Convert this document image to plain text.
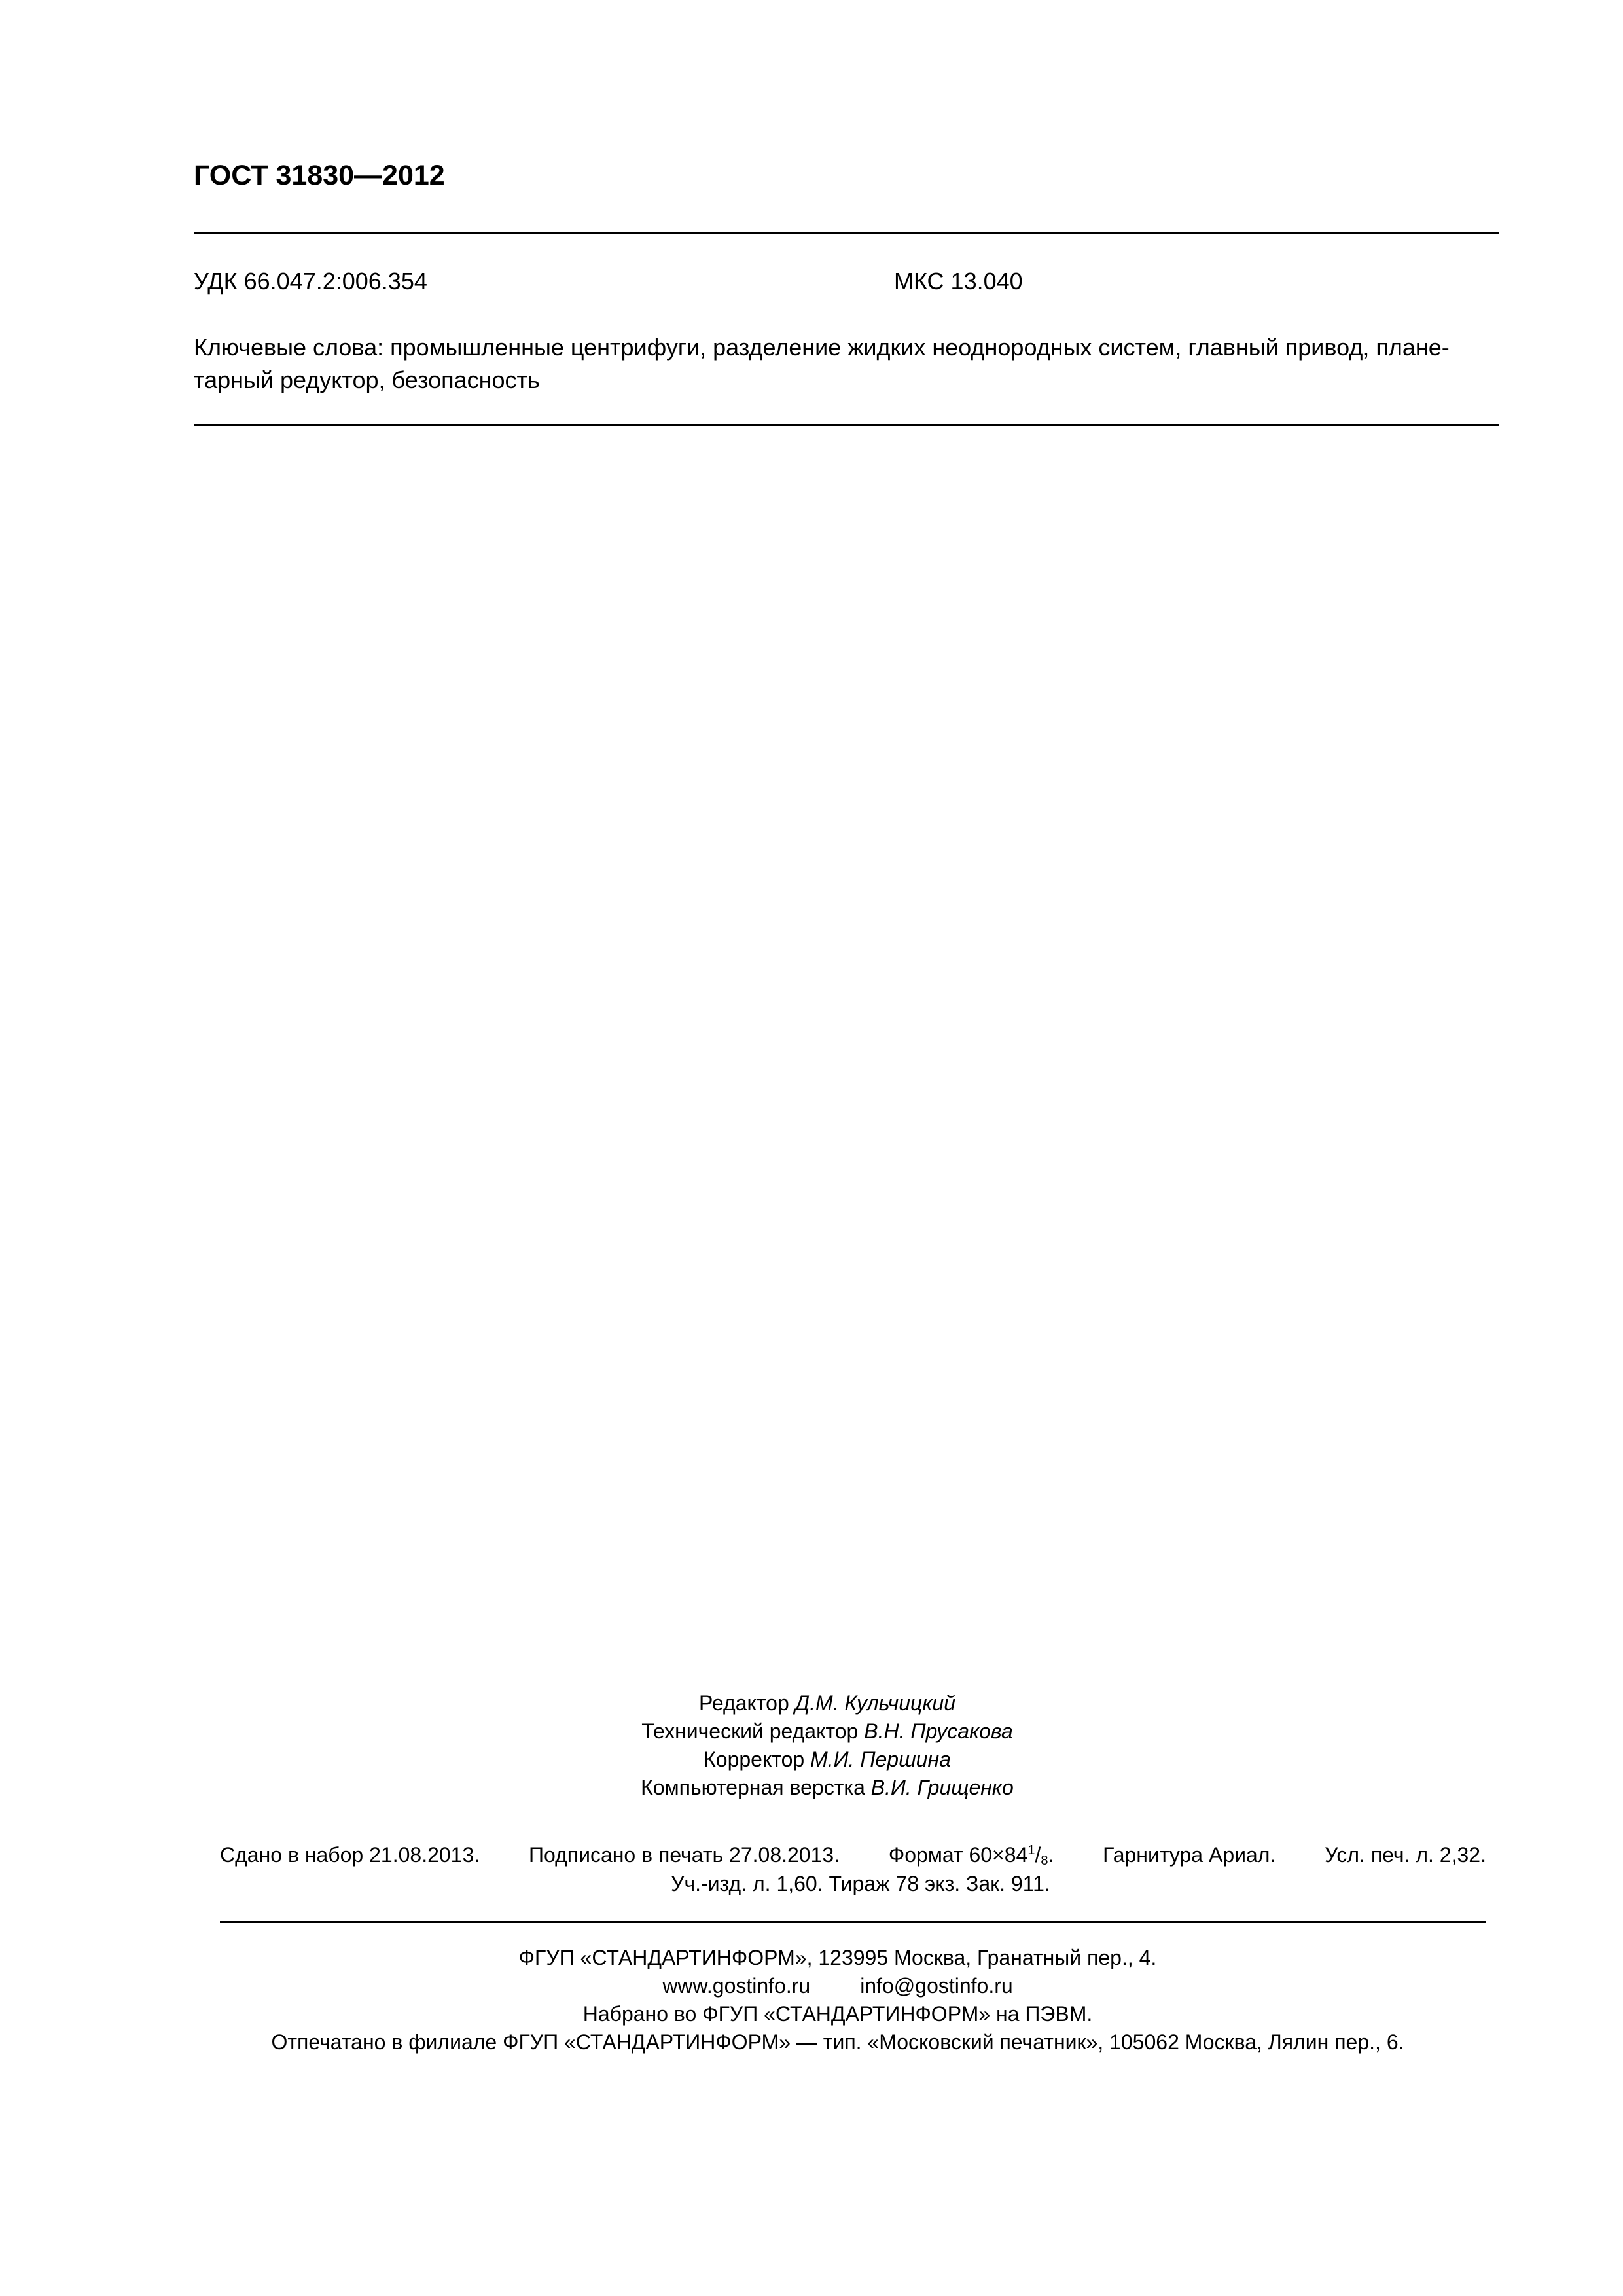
ГОСТ 31830—2012
УДК 66.047.2:006.354	МКС 13.040
Ключевые слова: промышленные центрифуги, разделение жидких неоднородных систем, главный привод, плане-
тарный редуктор, безопасность
Редактор Д.М. Кульчицкий
Технический редактор В.Н. Прусакова
Корректор М.И. Першина
Компьютерная верстка В.И. Грищенко
Сдано в набор 21.08.2013. Подписано в печать 27.08.2013. Формат $60\times 84^1/_8$. Гарнитура Ариал. Усл. печ. л. 2,32.
Уч.-изд. л. 1,60. Тираж 78 экз. Зак. 911.
ФГУП «СТАНДАРТИНФОРМ», 123995 Москва, Гранатный пер., 4.
www.gostinfo.ru info@gostinfo.ru
Набрано во ФГУП «СТАНДАРТИНФОРМ» на ПЭВМ.
Отпечатано в филиале ФГУП «СТАНДАРТИНФОРМ» — тип. «Московский печатник», 105062 Москва, Лялин пер., 6.
